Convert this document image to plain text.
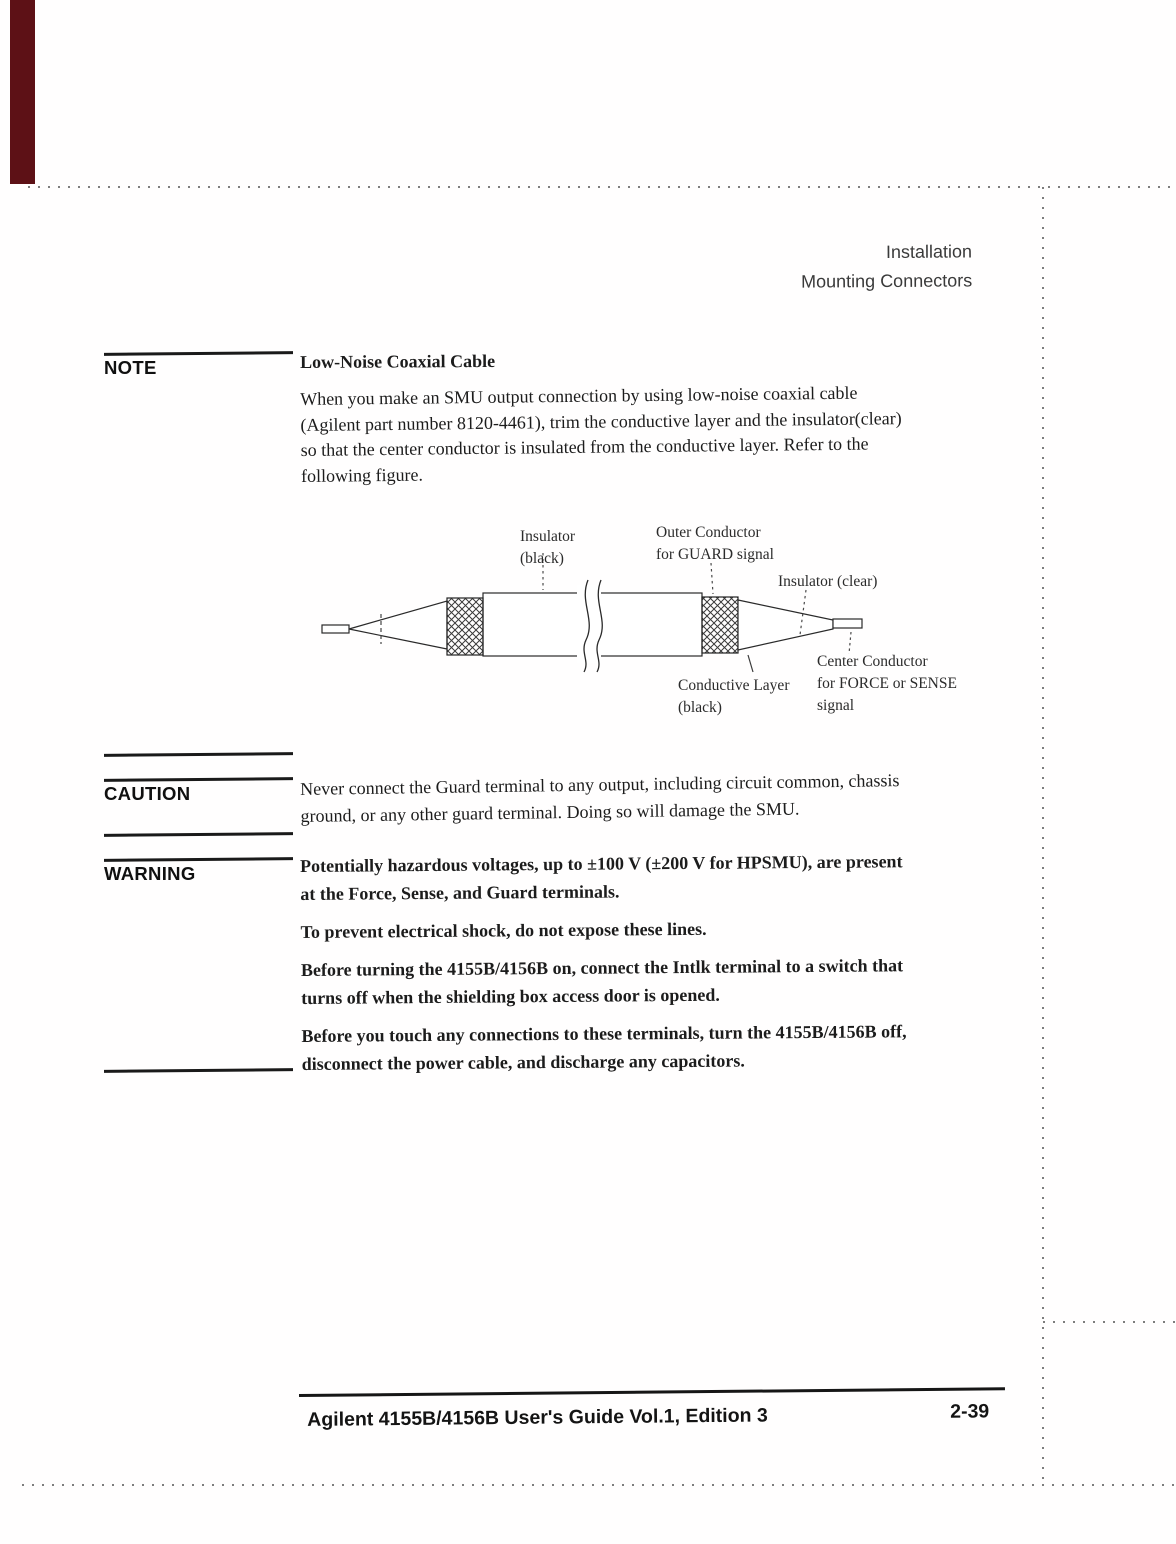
Installation
Mounting Connectors
NOTE	Low-Noise Coaxial Cable
When you make an SMU output connection by using low-noise coaxial cable
(Agilent part number 8120-4461), trim the conductive layer and the insulator(clear)
so that the center conductor is insulated from the conductive layer. Refer to the
following figure.
Insulator
(black)
Outer Conductor
for GUARD signal
Insulator (clear)
Conductive Layer
(black)
Center Conductor
for FORCE or SENSE
signal
CAUTION	Never connect the Guard terminal to any output, including circuit common, chassis
ground, or any other guard terminal. Doing so will damage the SMU.
WARNING	Potentially hazardous voltages, up to ±100 V (±200 V for HPSMU), are present
at the Force, Sense, and Guard terminals.
To prevent electrical shock, do not expose these lines.
Before turning the 4155B/4156B on, connect the Intlk terminal to a switch that
turns off when the shielding box access door is opened.
Before you touch any connections to these terminals, turn the 4155B/4156B off,
disconnect the power cable, and discharge any capacitors.
Agilent 4155B/4156B User's Guide Vol.1, Edition 3	2-39
